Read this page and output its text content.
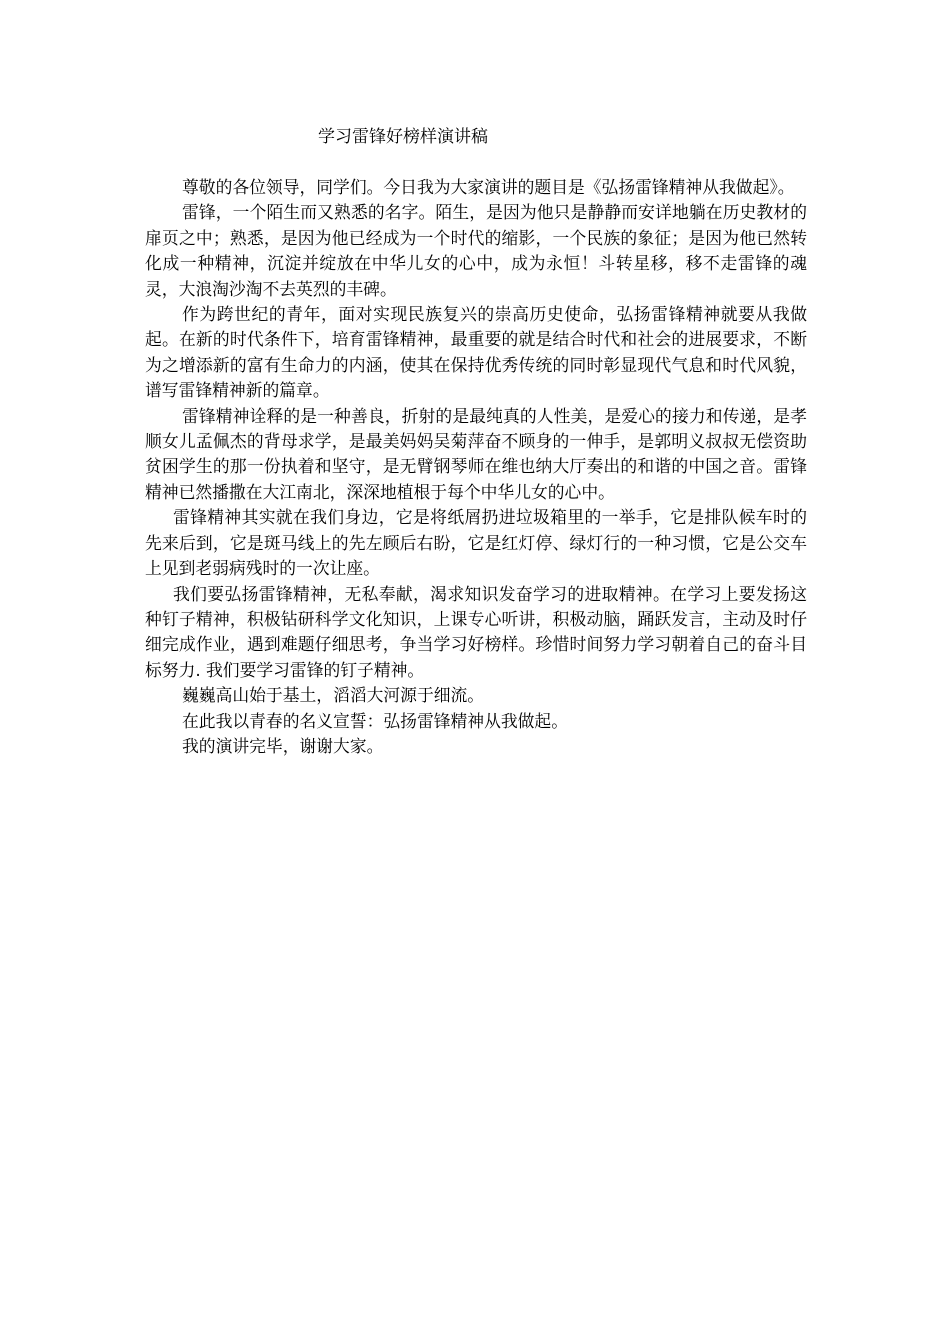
学习雷锋好榜样演讲稿

尊敬的各位领导，同学们。今日我为大家演讲的题目是《弘扬雷锋精神从我做起》。

雷锋，一个陌生而又熟悉的名字。陌生，是因为他只是静静而安详地躺在历史教材的扉页之中；熟悉，是因为他已经成为一个时代的缩影，一个民族的象征；是因为他已然转化成一种精神，沉淀并绽放在中华儿女的心中，成为永恒！斗转星移，移不走雷锋的魂灵，大浪淘沙淘不去英烈的丰碑。

作为跨世纪的青年，面对实现民族复兴的崇高历史使命，弘扬雷锋精神就要从我做起。在新的时代条件下，培育雷锋精神，最重要的就是结合时代和社会的进展要求，不断为之增添新的富有生命力的内涵，使其在保持优秀传统的同时彰显现代气息和时代风貌，谱写雷锋精神新的篇章。

雷锋精神诠释的是一种善良，折射的是最纯真的人性美，是爱心的接力和传递，是孝顺女儿孟佩杰的背母求学，是最美妈妈吴菊萍奋不顾身的一伸手，是郭明义叔叔无偿资助贫困学生的那一份执着和坚守，是无臂钢琴师在维也纳大厅奏出的和谐的中国之音。雷锋精神已然播撒在大江南北，深深地植根于每个中华儿女的心中。

雷锋精神其实就在我们身边，它是将纸屑扔进垃圾箱里的一举手，它是排队候车时的先来后到，它是斑马线上的先左顾后右盼，它是红灯停、绿灯行的一种习惯，它是公交车上见到老弱病残时的一次让座。

我们要弘扬雷锋精神，无私奉献，渴求知识发奋学习的进取精神。在学习上要发扬这种钉子精神，积极钻研科学文化知识，上课专心听讲，积极动脑，踊跃发言，主动及时仔细完成作业，遇到难题仔细思考，争当学习好榜样。珍惜时间努力学习朝着自己的奋斗目标努力. 我们要学习雷锋的钉子精神。

巍巍高山始于基土，滔滔大河源于细流。

在此我以青春的名义宣誓：弘扬雷锋精神从我做起。

我的演讲完毕，谢谢大家。
